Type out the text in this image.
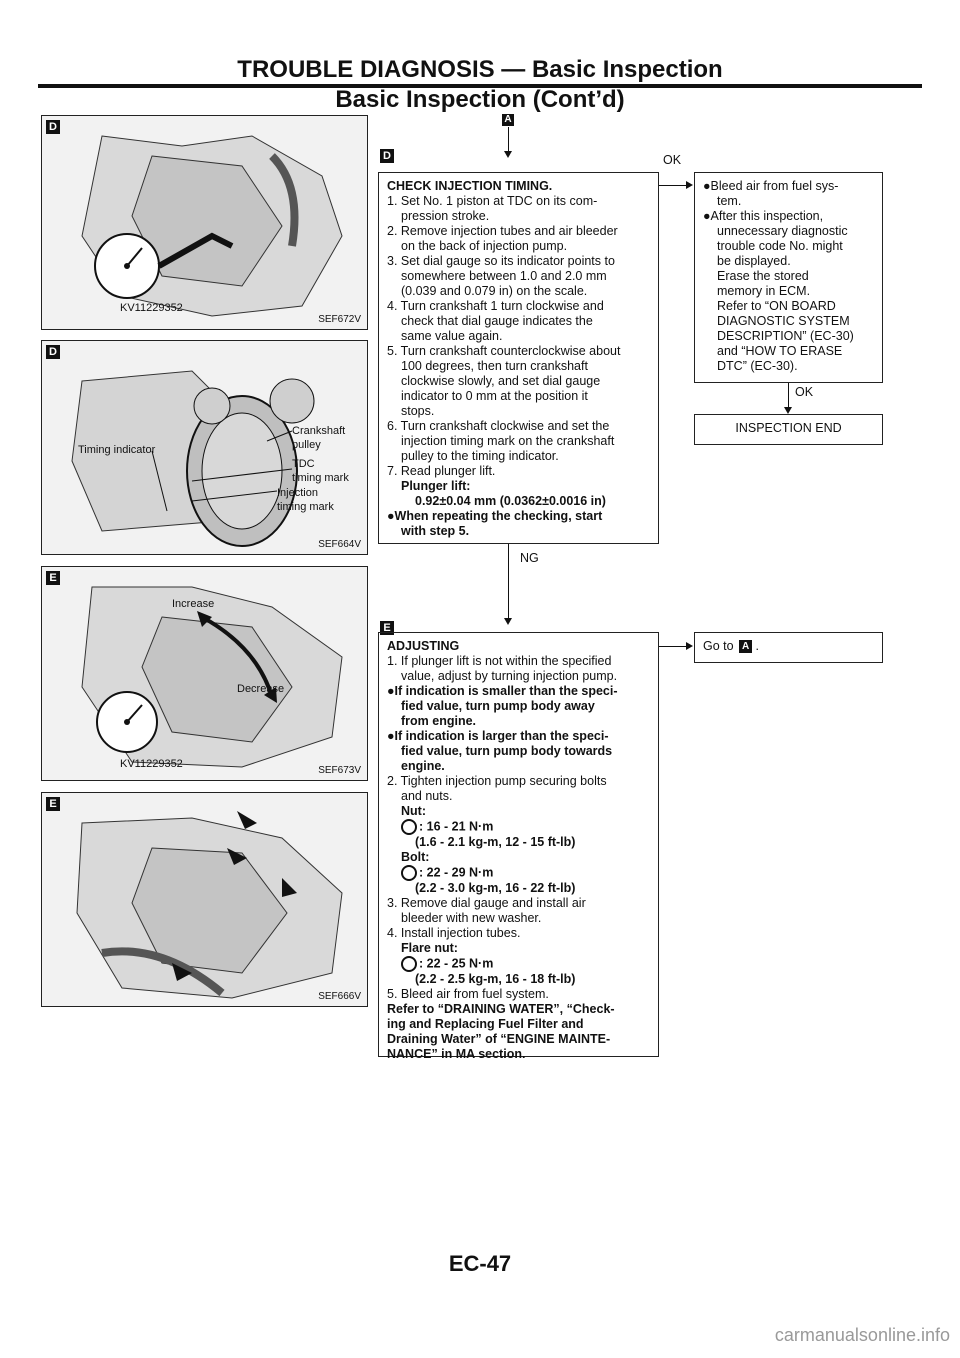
TROUBLE DIAGNOSIS — Basic Inspection
Basic Inspection (Cont’d)
KV11229352
D
SEF672V
Crankshaft
pulley
Timing indicator
TDC
timing mark
Injection
timing mark
D
SEF664V
Increase
Decrease
KV11229352
E
SEF673V
E
SEF666V
A
D
CHECK INJECTION TIMING.
1. Set No. 1 piston at TDC on its com-
pression stroke.
2. Remove injection tubes and air bleeder
on the back of injection pump.
3. Set dial gauge so its indicator points to
somewhere between 1.0 and 2.0 mm
(0.039 and 0.079 in) on the scale.
4. Turn crankshaft 1 turn clockwise and
check that dial gauge indicates the
same value again.
5. Turn crankshaft counterclockwise about
100 degrees, then turn crankshaft
clockwise slowly, and set dial gauge
indicator to 0 mm at the position it
stops.
6. Turn crankshaft clockwise and set the
injection timing mark on the crankshaft
pulley to the timing indicator.
7. Read plunger lift.
Plunger lift:
0.92±0.04 mm (0.0362±0.0016 in)
●When repeating the checking, start
with step 5.
OK
●Bleed air from fuel sys-
tem.
●After this inspection,
unnecessary diagnostic
trouble code No. might
be displayed.
Erase the stored
memory in ECM.
Refer to “ON BOARD
DIAGNOSTIC SYSTEM
DESCRIPTION” (EC-30)
and “HOW TO ERASE
DTC” (EC-30).
OK
INSPECTION END
NG
E
ADJUSTING
1. If plunger lift is not within the specified
value, adjust by turning injection pump.
●If indication is smaller than the speci-
fied value, turn pump body away
from engine.
●If indication is larger than the speci-
fied value, turn pump body towards
engine.
2. Tighten injection pump securing bolts
and nuts.
Nut:
: 16 - 21 N·m
(1.6 - 2.1 kg-m, 12 - 15 ft-lb)
Bolt:
: 22 - 29 N·m
(2.2 - 3.0 kg-m, 16 - 22 ft-lb)
3. Remove dial gauge and install air
bleeder with new washer.
4. Install injection tubes.
Flare nut:
: 22 - 25 N·m
(2.2 - 2.5 kg-m, 16 - 18 ft-lb)
5. Bleed air from fuel system.
Refer to “DRAINING WATER”, “Check-
ing and Replacing Fuel Filter and
Draining Water” of “ENGINE MAINTE-
NANCE” in MA section.
Go to A .
EC-47
carmanualsonline.info
